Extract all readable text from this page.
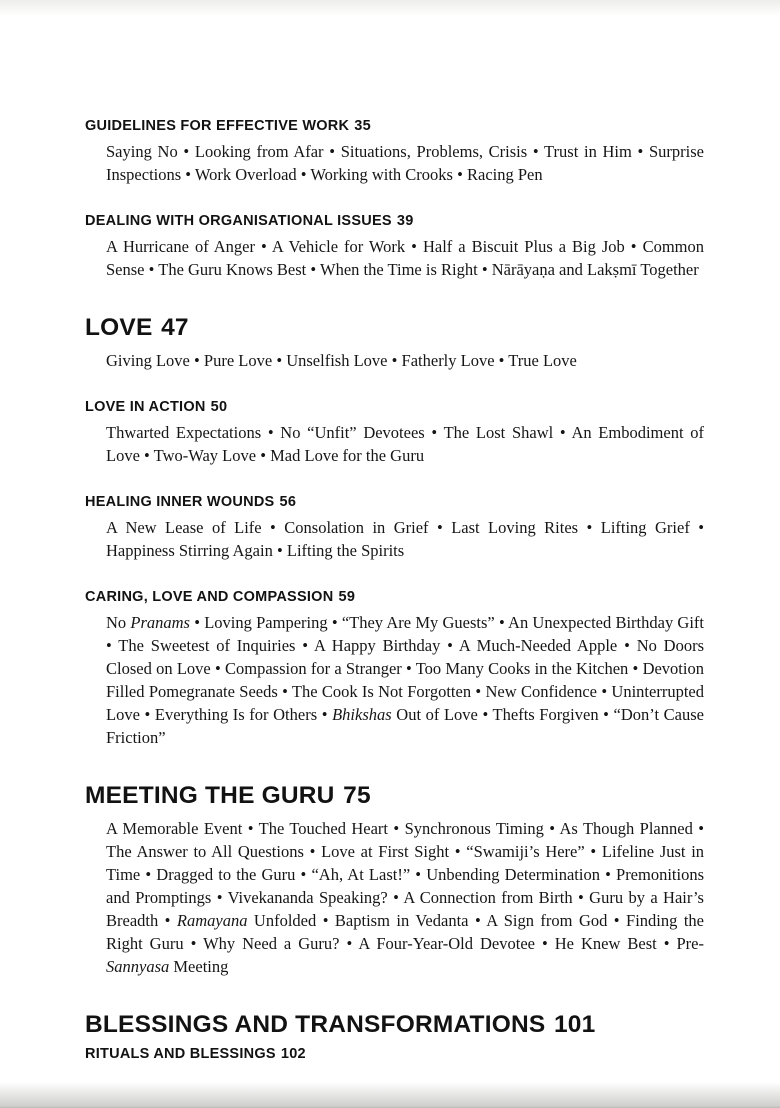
GUIDELINES FOR EFFECTIVE WORK 35

Saying No • Looking from Afar • Situations, Problems, Crisis • Trust in Him • Surprise Inspections • Work Overload • Working with Crooks • Racing Pen

DEALING WITH ORGANISATIONAL ISSUES 39

A Hurricane of Anger • A Vehicle for Work • Half a Biscuit Plus a Big Job • Common Sense • The Guru Knows Best • When the Time is Right • Nārāyaṇa and Lakṣmī Together

LOVE 47

Giving Love • Pure Love • Unselfish Love • Fatherly Love • True Love

LOVE IN ACTION 50

Thwarted Expectations • No “Unfit” Devotees • The Lost Shawl • An Embodiment of Love • Two-Way Love • Mad Love for the Guru

HEALING INNER WOUNDS 56

A New Lease of Life • Consolation in Grief • Last Loving Rites • Lifting Grief • Happiness Stirring Again • Lifting the Spirits

CARING, LOVE AND COMPASSION 59

No Pranams • Loving Pampering • “They Are My Guests” • An Unexpected Birthday Gift • The Sweetest of Inquiries • A Happy Birthday • A Much-Needed Apple • No Doors Closed on Love • Compassion for a Stranger • Too Many Cooks in the Kitchen • Devotion Filled Pomegranate Seeds • The Cook Is Not Forgotten • New Confidence • Uninterrupted Love • Everything Is for Others • Bhikshas Out of Love • Thefts Forgiven • “Don’t Cause Friction”

MEETING THE GURU 75

A Memorable Event • The Touched Heart • Synchronous Timing • As Though Planned • The Answer to All Questions • Love at First Sight • “Swamiji’s Here” • Lifeline Just in Time • Dragged to the Guru • “Ah, At Last!” • Unbending Determination • Premonitions and Promptings • Vivekananda Speaking? • A Connection from Birth • Guru by a Hair’s Breadth • Ramayana Unfolded • Baptism in Vedanta • A Sign from God • Finding the Right Guru • Why Need a Guru? • A Four-Year-Old Devotee • He Knew Best • Pre-Sannyasa Meeting

BLESSINGS AND TRANSFORMATIONS 101
RITUALS AND BLESSINGS 102
